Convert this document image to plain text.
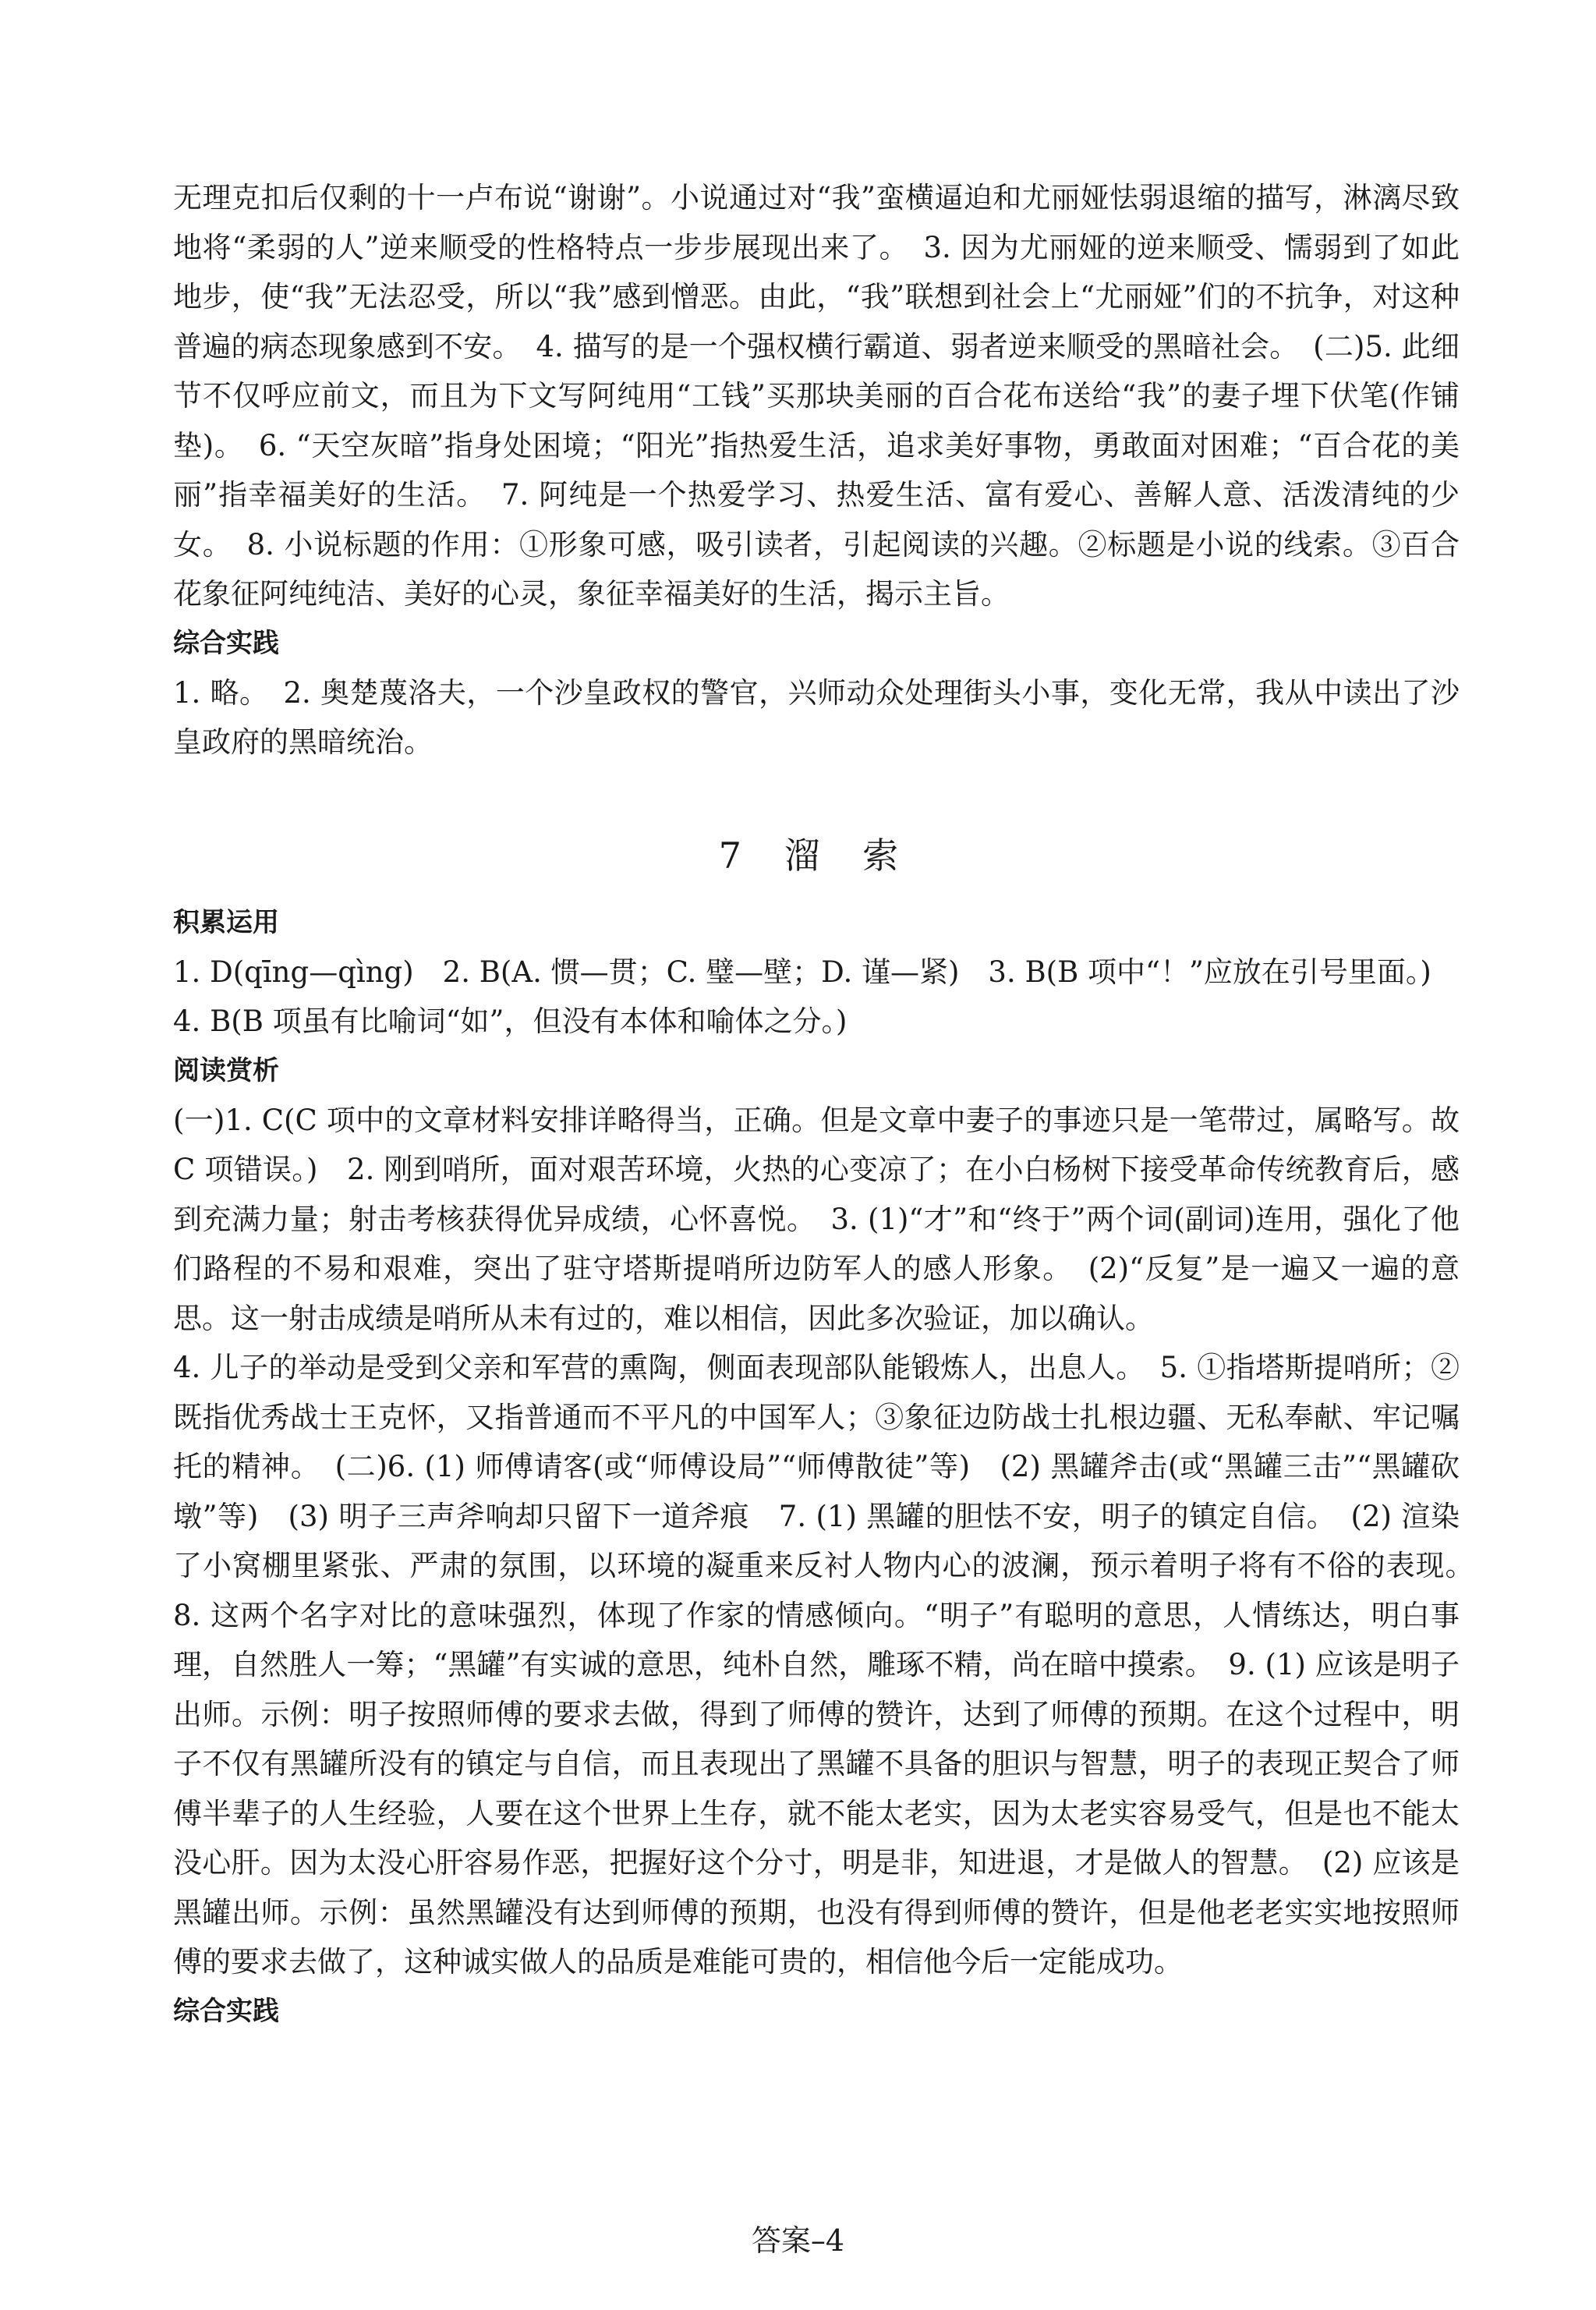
无理克扣后仅剩的十一卢布说“谢谢”。小说通过对“我”蛮横逼迫和尤丽娅怯弱退缩的描写，淋漓尽致地将“柔弱的人”逆来顺受的性格特点一步步展现出来了。　3. 因为尤丽娅的逆来顺受、懦弱到了如此地步，使“我”无法忍受，所以“我”感到憎恶。由此，“我”联想到社会上“尤丽娅”们的不抗争，对这种普遍的病态现象感到不安。　4. 描写的是一个强权横行霸道、弱者逆来顺受的黑暗社会。　(二)5. 此细节不仅呼应前文，而且为下文写阿纯用“工钱”买那块美丽的百合花布送给“我”的妻子埋下伏笔(作铺垫)。　6. “天空灰暗”指身处困境；“阳光”指热爱生活，追求美好事物，勇敢面对困难；“百合花的美丽”指幸福美好的生活。　7. 阿纯是一个热爱学习、热爱生活、富有爱心、善解人意、活泼清纯的少女。　8. 小说标题的作用：①形象可感，吸引读者，引起阅读的兴趣。②标题是小说的线索。③百合花象征阿纯纯洁、美好的心灵，象征幸福美好的生活，揭示主旨。

综合实践

1. 略。　2. 奥楚蔑洛夫，一个沙皇政权的警官，兴师动众处理街头小事，变化无常，我从中读出了沙皇政府的黑暗统治。

7 溜 索

积累运用

1. D(qīng—qìng)　2. B(A. 惯—贯；C. 璧—壁；D. 谨—紧)　3. B(B 项中“！”应放在引号里面。)

4. B(B 项虽有比喻词“如”，但没有本体和喻体之分。)

阅读赏析

(一)1. C(C 项中的文章材料安排详略得当，正确。但是文章中妻子的事迹只是一笔带过，属略写。故 C 项错误。)　2. 刚到哨所，面对艰苦环境，火热的心变凉了；在小白杨树下接受革命传统教育后，感到充满力量；射击考核获得优异成绩，心怀喜悦。　3. (1)“才”和“终于”两个词(副词)连用，强化了他们路程的不易和艰难，突出了驻守塔斯提哨所边防军人的感人形象。　(2)“反复”是一遍又一遍的意思。这一射击成绩是哨所从未有过的，难以相信，因此多次验证，加以确认。

4. 儿子的举动是受到父亲和军营的熏陶，侧面表现部队能锻炼人，出息人。　5. ①指塔斯提哨所；②既指优秀战士王克怀，又指普通而不平凡的中国军人；③象征边防战士扎根边疆、无私奉献、牢记嘱托的精神。　(二)6. (1) 师傅请客(或“师傅设局”“师傅散徒”等)　(2) 黑罐斧击(或“黑罐三击”“黑罐砍墩”等)　(3) 明子三声斧响却只留下一道斧痕　7. (1) 黑罐的胆怯不安，明子的镇定自信。　(2) 渲染了小窝棚里紧张、严肃的氛围，以环境的凝重来反衬人物内心的波澜，预示着明子将有不俗的表现。　8. 这两个名字对比的意味强烈，体现了作家的情感倾向。“明子”有聪明的意思，人情练达，明白事理，自然胜人一筹；“黑罐”有实诚的意思，纯朴自然，雕琢不精，尚在暗中摸索。　9. (1) 应该是明子出师。示例：明子按照师傅的要求去做，得到了师傅的赞许，达到了师傅的预期。在这个过程中，明子不仅有黑罐所没有的镇定与自信，而且表现出了黑罐不具备的胆识与智慧，明子的表现正契合了师傅半辈子的人生经验，人要在这个世界上生存，就不能太老实，因为太老实容易受气，但是也不能太没心肝。因为太没心肝容易作恶，把握好这个分寸，明是非，知进退，才是做人的智慧。　(2) 应该是黑罐出师。示例：虽然黑罐没有达到师傅的预期，也没有得到师傅的赞许，但是他老老实实地按照师傅的要求去做了，这种诚实做人的品质是难能可贵的，相信他今后一定能成功。

综合实践

答案–4
